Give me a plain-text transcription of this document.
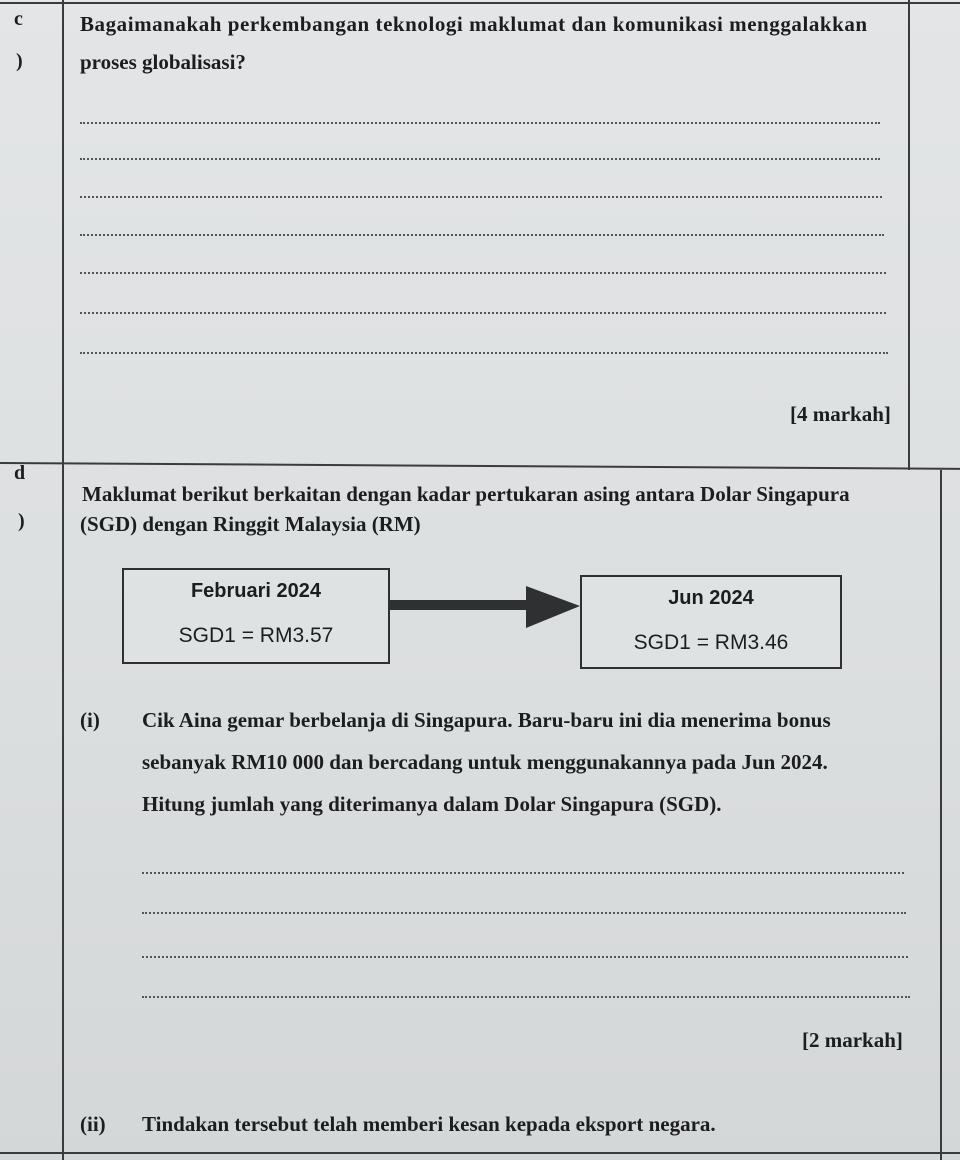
c
)
Bagaimanakah perkembangan teknologi maklumat dan komunikasi menggalakkan
proses globalisasi?
[4 markah]
d
)
Maklumat berikut berkaitan dengan kadar pertukaran asing antara Dolar Singapura
(SGD) dengan Ringgit Malaysia (RM)
Februari 2024
SGD1 = RM3.57
Jun 2024
SGD1 = RM3.46
(i) Cik Aina gemar berbelanja di Singapura. Baru-baru ini dia menerima bonus
sebanyak RM10 000 dan bercadang untuk menggunakannya pada Jun 2024.
Hitung jumlah yang diterimanya dalam Dolar Singapura (SGD).
[2 markah]
(ii) Tindakan tersebut telah memberi kesan kepada eksport negara.
